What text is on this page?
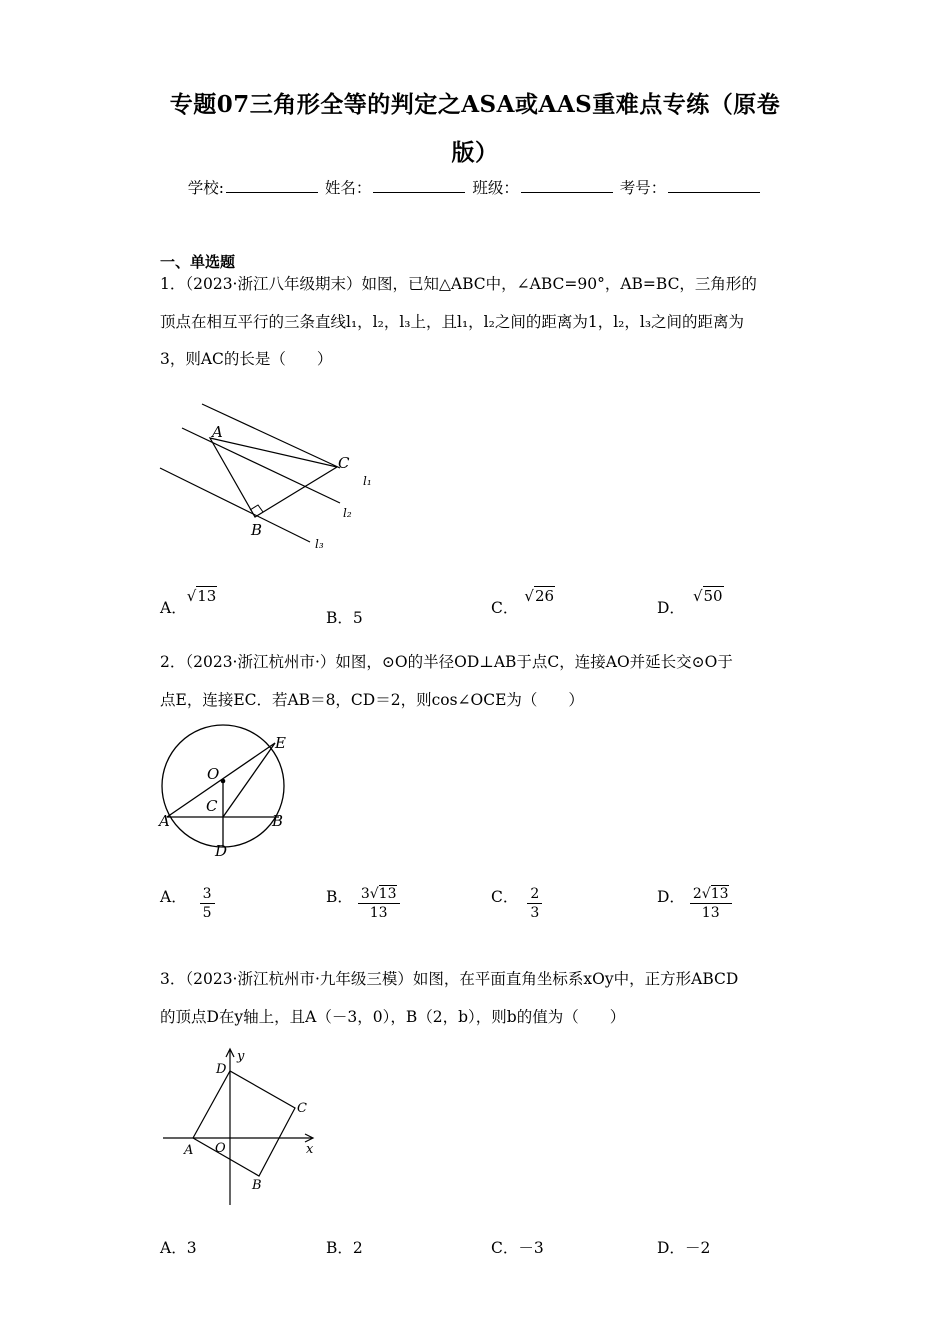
专题07三角形全等的判定之ASA或AAS重难点专练（原卷
版）
学校:	姓名：	班级：	考号：
一、单选题

1．（2023·浙江八年级期末）如图，已知△ABC中，∠ABC=90°，AB=BC，三角形的

顶点在相互平行的三条直线l₁，l₂，l₃上，且l₁，l₂之间的距离为1，l₂，l₃之间的距离为

3，则AC的长是（　　）

A
B
C
l₁
l₂
l₃
A．√13
B．5
C．√26
D．√50

2．（2023·浙江杭州市·）如图，⊙O的半径OD⊥AB于点C，连接AO并延长交⊙O于

点E，连接EC．若AB＝8，CD＝2，则cos∠OCE为（　　）

O
C
A	B
D
E
A． $\frac{3}{5}$	B． $\frac{3√13}{13}$	C． $\frac{2}{3}$	D． $\frac{2√13}{13}$

3．（2023·浙江杭州市·九年级三模）如图，在平面直角坐标系xOy中，正方形ABCD

的顶点D在y轴上，且A（－3，0），B（2，b），则b的值为（　　）

A
B
C
D
O	x
y
A．3	B．2	C．－3	D．－2
